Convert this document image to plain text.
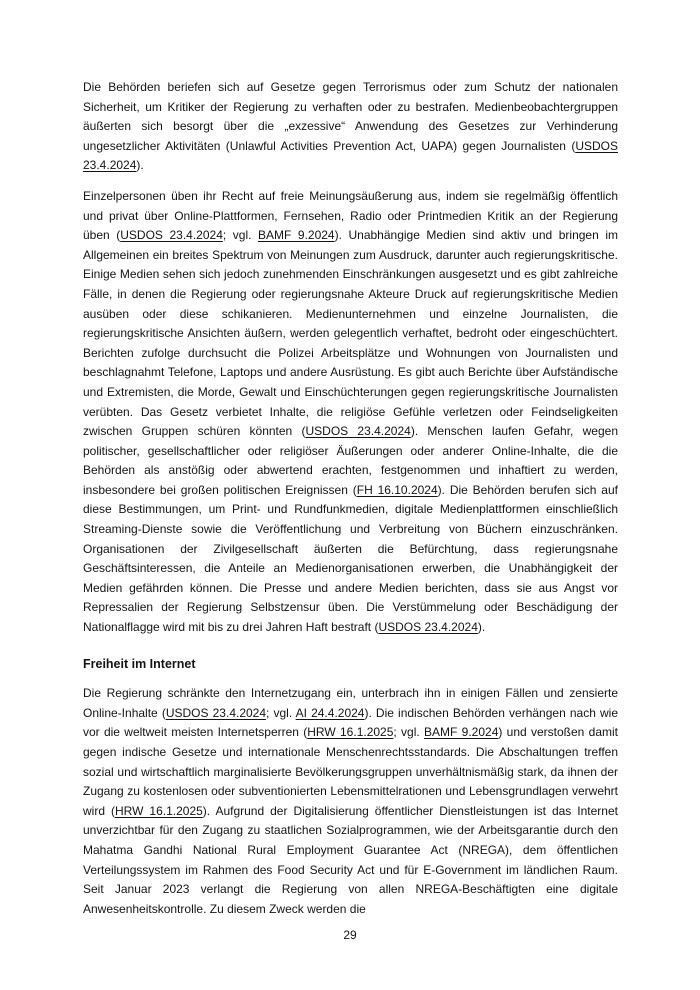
Die Behörden beriefen sich auf Gesetze gegen Terrorismus oder zum Schutz der nationalen Sicherheit, um Kritiker der Regierung zu verhaften oder zu bestrafen. Medienbeobachtergruppen äußerten sich besorgt über die „exzessive“ Anwendung des Gesetzes zur Verhinderung ungesetzlicher Aktivitäten (Unlawful Activities Prevention Act, UAPA) gegen Journalisten (USDOS 23.4.2024).

Einzelpersonen üben ihr Recht auf freie Meinungsäußerung aus, indem sie regelmäßig öffentlich und privat über Online-Plattformen, Fernsehen, Radio oder Printmedien Kritik an der Regierung üben (USDOS 23.4.2024; vgl. BAMF 9.2024). Unabhängige Medien sind aktiv und bringen im Allgemeinen ein breites Spektrum von Meinungen zum Ausdruck, darunter auch regierungskritische. Einige Medien sehen sich jedoch zunehmenden Einschränkungen ausgesetzt und es gibt zahlreiche Fälle, in denen die Regierung oder regierungsnahe Akteure Druck auf regierungskritische Medien ausüben oder diese schikanieren. Medienunternehmen und einzelne Journalisten, die regierungskritische Ansichten äußern, werden gelegentlich verhaftet, bedroht oder eingeschüchtert. Berichten zufolge durchsucht die Polizei Arbeitsplätze und Wohnungen von Journalisten und beschlagnahmt Telefone, Laptops und andere Ausrüstung. Es gibt auch Berichte über Aufständische und Extremisten, die Morde, Gewalt und Einschüchterungen gegen regierungskritische Journalisten verübten. Das Gesetz verbietet Inhalte, die religiöse Gefühle verletzen oder Feindseligkeiten zwischen Gruppen schüren könnten (USDOS 23.4.2024). Menschen laufen Gefahr, wegen politischer, gesellschaftlicher oder religiöser Äußerungen oder anderer Online-Inhalte, die die Behörden als anstößig oder abwertend erachten, festgenommen und inhaftiert zu werden, insbesondere bei großen politischen Ereignissen (FH 16.10.2024). Die Behörden berufen sich auf diese Bestimmungen, um Print- und Rundfunkmedien, digitale Medienplattformen einschließlich Streaming-Dienste sowie die Veröffentlichung und Verbreitung von Büchern einzuschränken. Organisationen der Zivilgesellschaft äußerten die Befürchtung, dass regierungsnahe Geschäftsinteressen, die Anteile an Medienorganisationen erwerben, die Unabhängigkeit der Medien gefährden können. Die Presse und andere Medien berichten, dass sie aus Angst vor Repressalien der Regierung Selbstzensur üben. Die Verstümmelung oder Beschädigung der Nationalflagge wird mit bis zu drei Jahren Haft bestraft (USDOS 23.4.2024).

Freiheit im Internet

Die Regierung schränkte den Internetzugang ein, unterbrach ihn in einigen Fällen und zensierte Online-Inhalte (USDOS 23.4.2024; vgl. AI 24.4.2024). Die indischen Behörden verhängen nach wie vor die weltweit meisten Internetsperren (HRW 16.1.2025; vgl. BAMF 9.2024) und verstoßen damit gegen indische Gesetze und internationale Menschenrechtsstandards. Die Abschaltungen treffen sozial und wirtschaftlich marginalisierte Bevölkerungsgruppen unverhältnismäßig stark, da ihnen der Zugang zu kostenlosen oder subventionierten Lebensmittelrationen und Lebensgrundlagen verwehrt wird (HRW 16.1.2025). Aufgrund der Digitalisierung öffentlicher Dienstleistungen ist das Internet unverzichtbar für den Zugang zu staatlichen Sozialprogrammen, wie der Arbeitsgarantie durch den Mahatma Gandhi National Rural Employment Guarantee Act (NREGA), dem öffentlichen Verteilungssystem im Rahmen des Food Security Act und für E-Government im ländlichen Raum. Seit Januar 2023 verlangt die Regierung von allen NREGA-Beschäftigten eine digitale Anwesenheitskontrolle. Zu diesem Zweck werden die

29
